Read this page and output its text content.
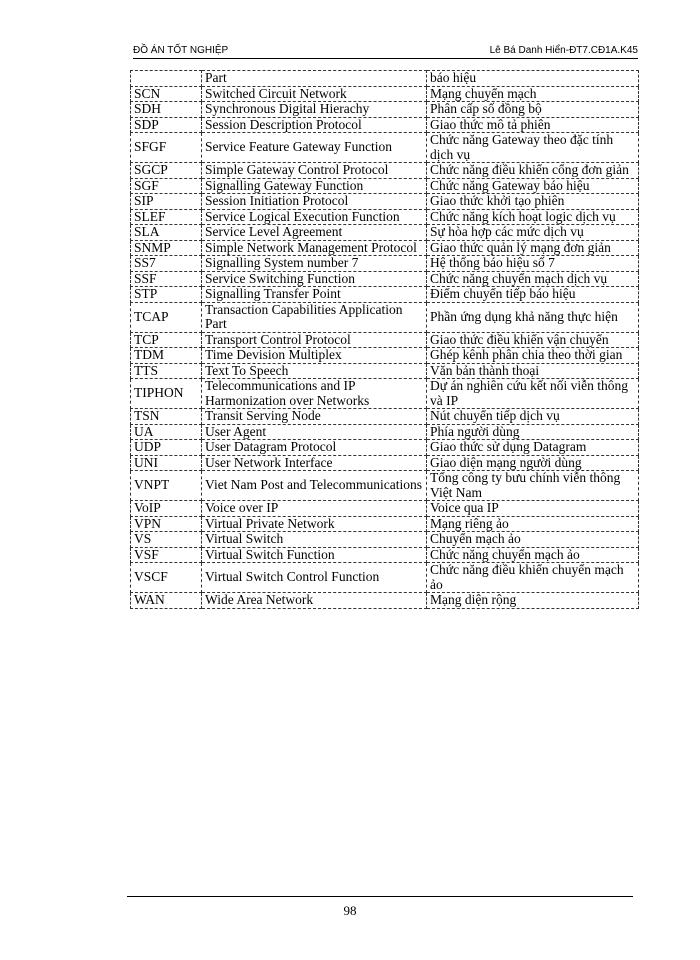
ĐỒ ÁN TỐT NGHIỆP	Lê Bá Danh Hiển-ĐT7.CĐ1A.K45
	Part	báo hiệu
SCN	Switched Circuit Network	Mạng chuyển mạch
SDH	Synchronous Digital Hierachy	Phân cấp số đồng bộ
SDP	Session Description Protocol	Giao thức mô tả phiên
SFGF	Service Feature Gateway Function	Chức năng Gateway theo đặc tính dịch vụ
SGCP	Simple Gateway Control Protocol	Chức năng điều khiển cổng đơn giản
SGF	Signalling Gateway Function	Chức năng Gateway báo hiệu
SIP	Session Initiation Protocol	Giao thức khởi tạo phiên
SLEF	Service Logical Execution Function	Chức năng kích hoạt logic dịch vụ
SLA	Service Level Agreement	Sự hòa hợp các mức dịch vụ
SNMP	Simple Network Management Protocol	Giao thức quản lý mạng đơn giản
SS7	Signalling System number 7	Hệ thống báo hiệu số 7
SSF	Service Switching Function	Chức năng chuyển mạch dịch vụ
STP	Signalling Transfer Point	Điểm chuyển tiếp báo hiệu
TCAP	Transaction Capabilities Application Part	Phần ứng dụng khả năng thực hiện
TCP	Transport Control Protocol	Giao thức điều khiển vận chuyển
TDM	Time Devision Multiplex	Ghép kênh phân chia theo thời gian
TTS	Text To Speech	Văn bản thành thoại
TIPHON	Telecommunications and IP Harmonization over Networks	Dự án nghiên cứu kết nối viễn thông và IP
TSN	Transit Serving Node	Nút chuyển tiếp dịch vụ
UA	User Agent	Phía người dùng
UDP	User Datagram Protocol	Giao thức sử dụng Datagram
UNI	User Network Interface	Giao diện mạng người dùng
VNPT	Viet Nam Post and Telecommunications	Tổng công ty bưu chính viễn thông Việt Nam
VoIP	Voice over IP	Voice qua IP
VPN	Virtual Private Network	Mạng riêng ảo
VS	Virtual Switch	Chuyển mạch ảo
VSF	Virtual Switch Function	Chức năng chuyển mạch ảo
VSCF	Virtual Switch Control Function	Chức năng điều khiển chuyển mạch ảo
WAN	Wide Area Network	Mạng diện rộng
98
